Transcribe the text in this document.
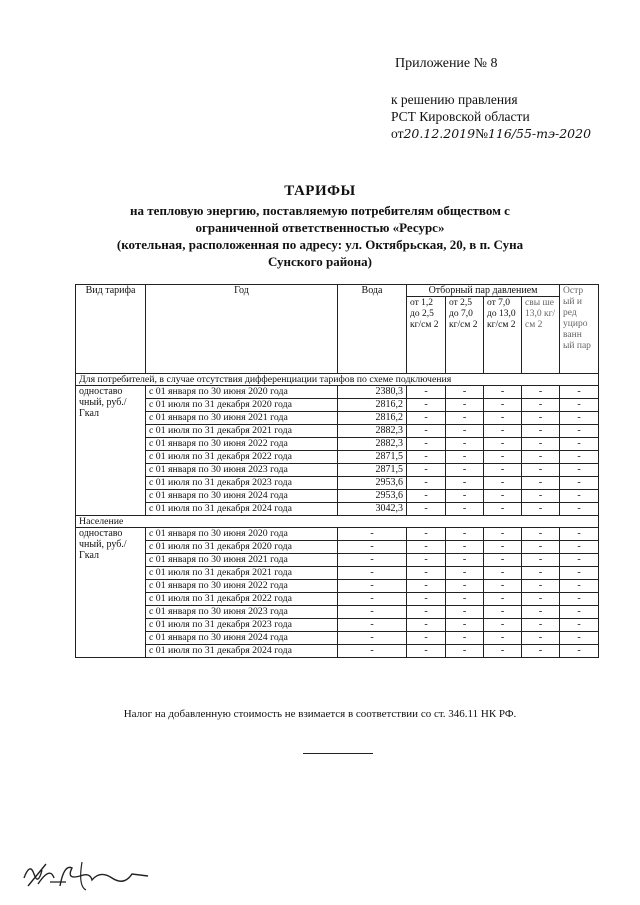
Приложение № 8
к решению правления
РСТ Кировской области
от20.12.2019№116/55-тэ-2020
ТАРИФЫ
на тепловую энергию, поставляемую потребителям обществом с
ограниченной ответственностью «Ресурс»
(котельная, расположенная по адресу: ул. Октябрьская, 20, в п. Суна
Сунского района)
Вид тарифа	Год	Вода	Отборный пар давлением				Остр ый и ред уциро ванн ый пар
			от 1,2 до 2,5 кг/см 2	от 2,5 до 7,0 кг/см 2	от 7,0 до 13,0 кг/см 2	свы ше 13,0 кг/см 2	
Для потребителей, в случае отсутствия дифференциации тарифов по схеме подключения							
одноставо чный, руб./Гкал	с 01 января по 30 июня 2020 года	2380,3	-	-	-	-	-
	с 01 июля по 31 декабря 2020 года	2816,2	-	-	-	-	-
	с 01 января по 30 июня 2021 года	2816,2	-	-	-	-	-
	с 01 июля по 31 декабря 2021 года	2882,3	-	-	-	-	-
	с 01 января по 30 июня 2022 года	2882,3	-	-	-	-	-
	с 01 июля по 31 декабря 2022 года	2871,5	-	-	-	-	-
	с 01 января по 30 июня 2023 года	2871,5	-	-	-	-	-
	с 01 июля по 31 декабря 2023 года	2953,6	-	-	-	-	-
	с 01 января по 30 июня 2024 года	2953,6	-	-	-	-	-
	с 01 июля по 31 декабря 2024 года	3042,3	-	-	-	-	-
Население							
одноставо чный, руб./Гкал	с 01 января по 30 июня 2020 года	-	-	-	-	-	-
	с 01 июля по 31 декабря 2020 года	-	-	-	-	-	-
	с 01 января по 30 июня 2021 года	-	-	-	-	-	-
	с 01 июля по 31 декабря 2021 года	-	-	-	-	-	-
	с 01 января по 30 июня 2022 года	-	-	-	-	-	-
	с 01 июля по 31 декабря 2022 года	-	-	-	-	-	-
	с 01 января по 30 июня 2023 года	-	-	-	-	-	-
	с 01 июля по 31 декабря 2023 года	-	-	-	-	-	-
	с 01 января по 30 июня 2024 года	-	-	-	-	-	-
	с 01 июля по 31 декабря 2024 года	-	-	-	-	-	-
Налог на добавленную стоимость не взимается в соответствии со ст. 346.11 НК РФ.
